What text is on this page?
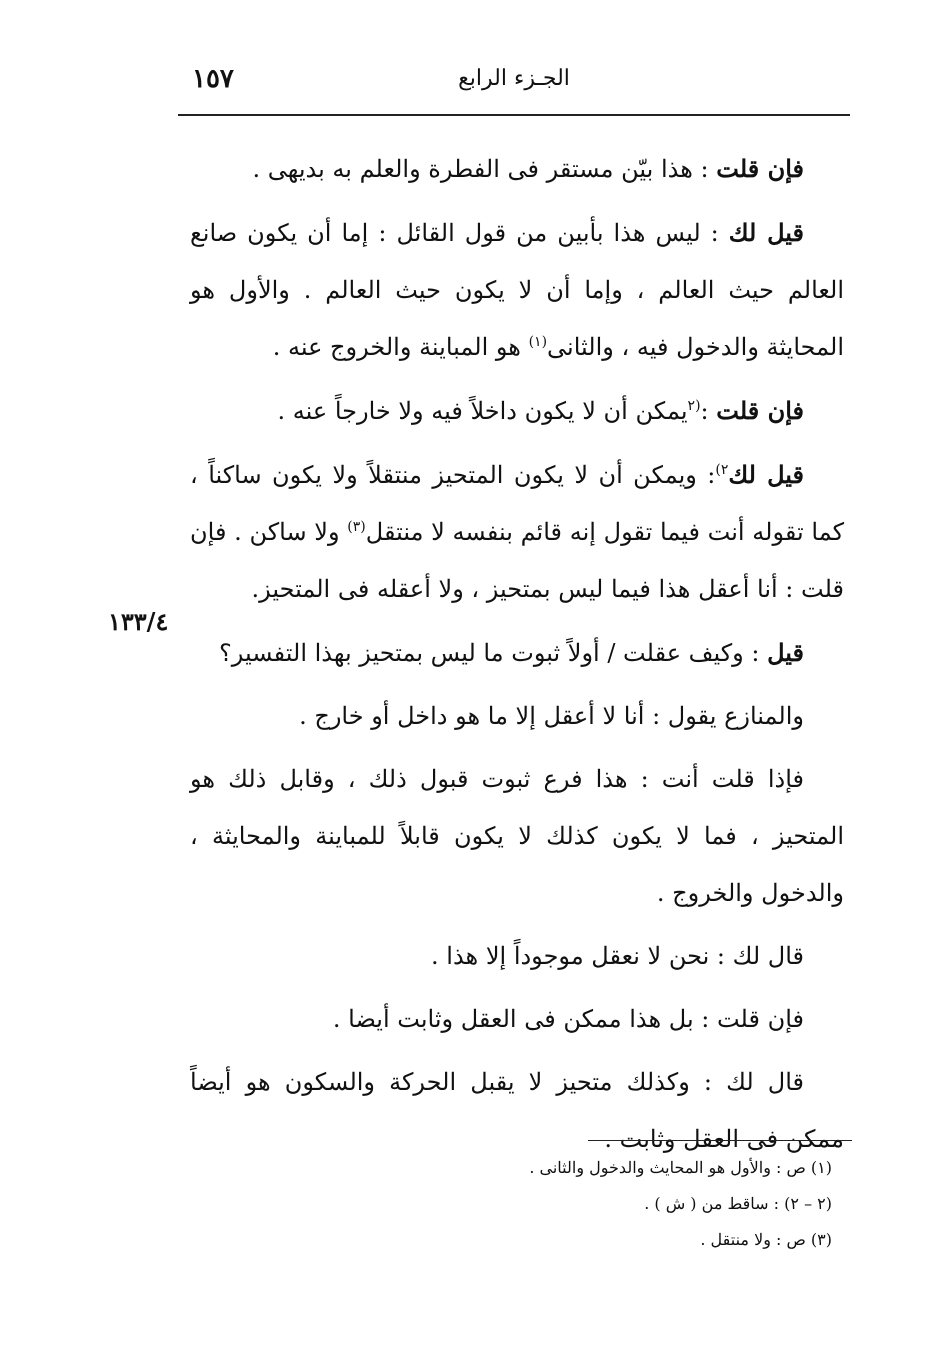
الجـزء الرابع
١٥٧
١٣٣/٤

فإن قلت : هذا بيّن مستقر فى الفطرة والعلم به بديهى .

قيل لك : ليس هذا بأبين من قول القائل : إما أن يكون صانع العالم حيث العالم ، وإما أن لا يكون حيث العالم . والأول هو المحايثة والدخول فيه ، والثانى$^{(١)}$ هو المباينة والخروج عنه .

فإن قلت :$^{(٢}$يمكن أن لا يكون داخلاً فيه ولا خارجاً عنه .

قيل لك$^{٢)}$: ويمكن أن لا يكون المتحيز منتقلاً ولا يكون ساكناً ، كما تقوله أنت فيما تقول إنه قائم بنفسه لا منتقل$^{(٣)}$ ولا ساكن . فإن قلت : أنا أعقل هذا فيما ليس بمتحيز ، ولا أعقله فى المتحيز.

قيل : وكيف عقلت / أولاً ثبوت ما ليس بمتحيز بهذا التفسير؟

والمنازع يقول : أنا لا أعقل إلا ما هو داخل أو خارج .

فإذا قلت أنت : هذا فرع ثبوت قبول ذلك ، وقابل ذلك هو المتحيز ، فما لا يكون كذلك لا يكون قابلاً للمباينة والمحايثة ، والدخول والخروج .

قال لك : نحن لا نعقل موجوداً إلا هذا .

فإن قلت : بل هذا ممكن فى العقل وثابت أيضا .

قال لك : وكذلك متحيز لا يقبل الحركة والسكون هو أيضاً ممكن فى العقل وثابت .

(١) ص : والأول هو المحايث والدخول والثانى .
(٢ – ٢) : ساقط من ( ش ) .
(٣) ص : ولا منتقل .
